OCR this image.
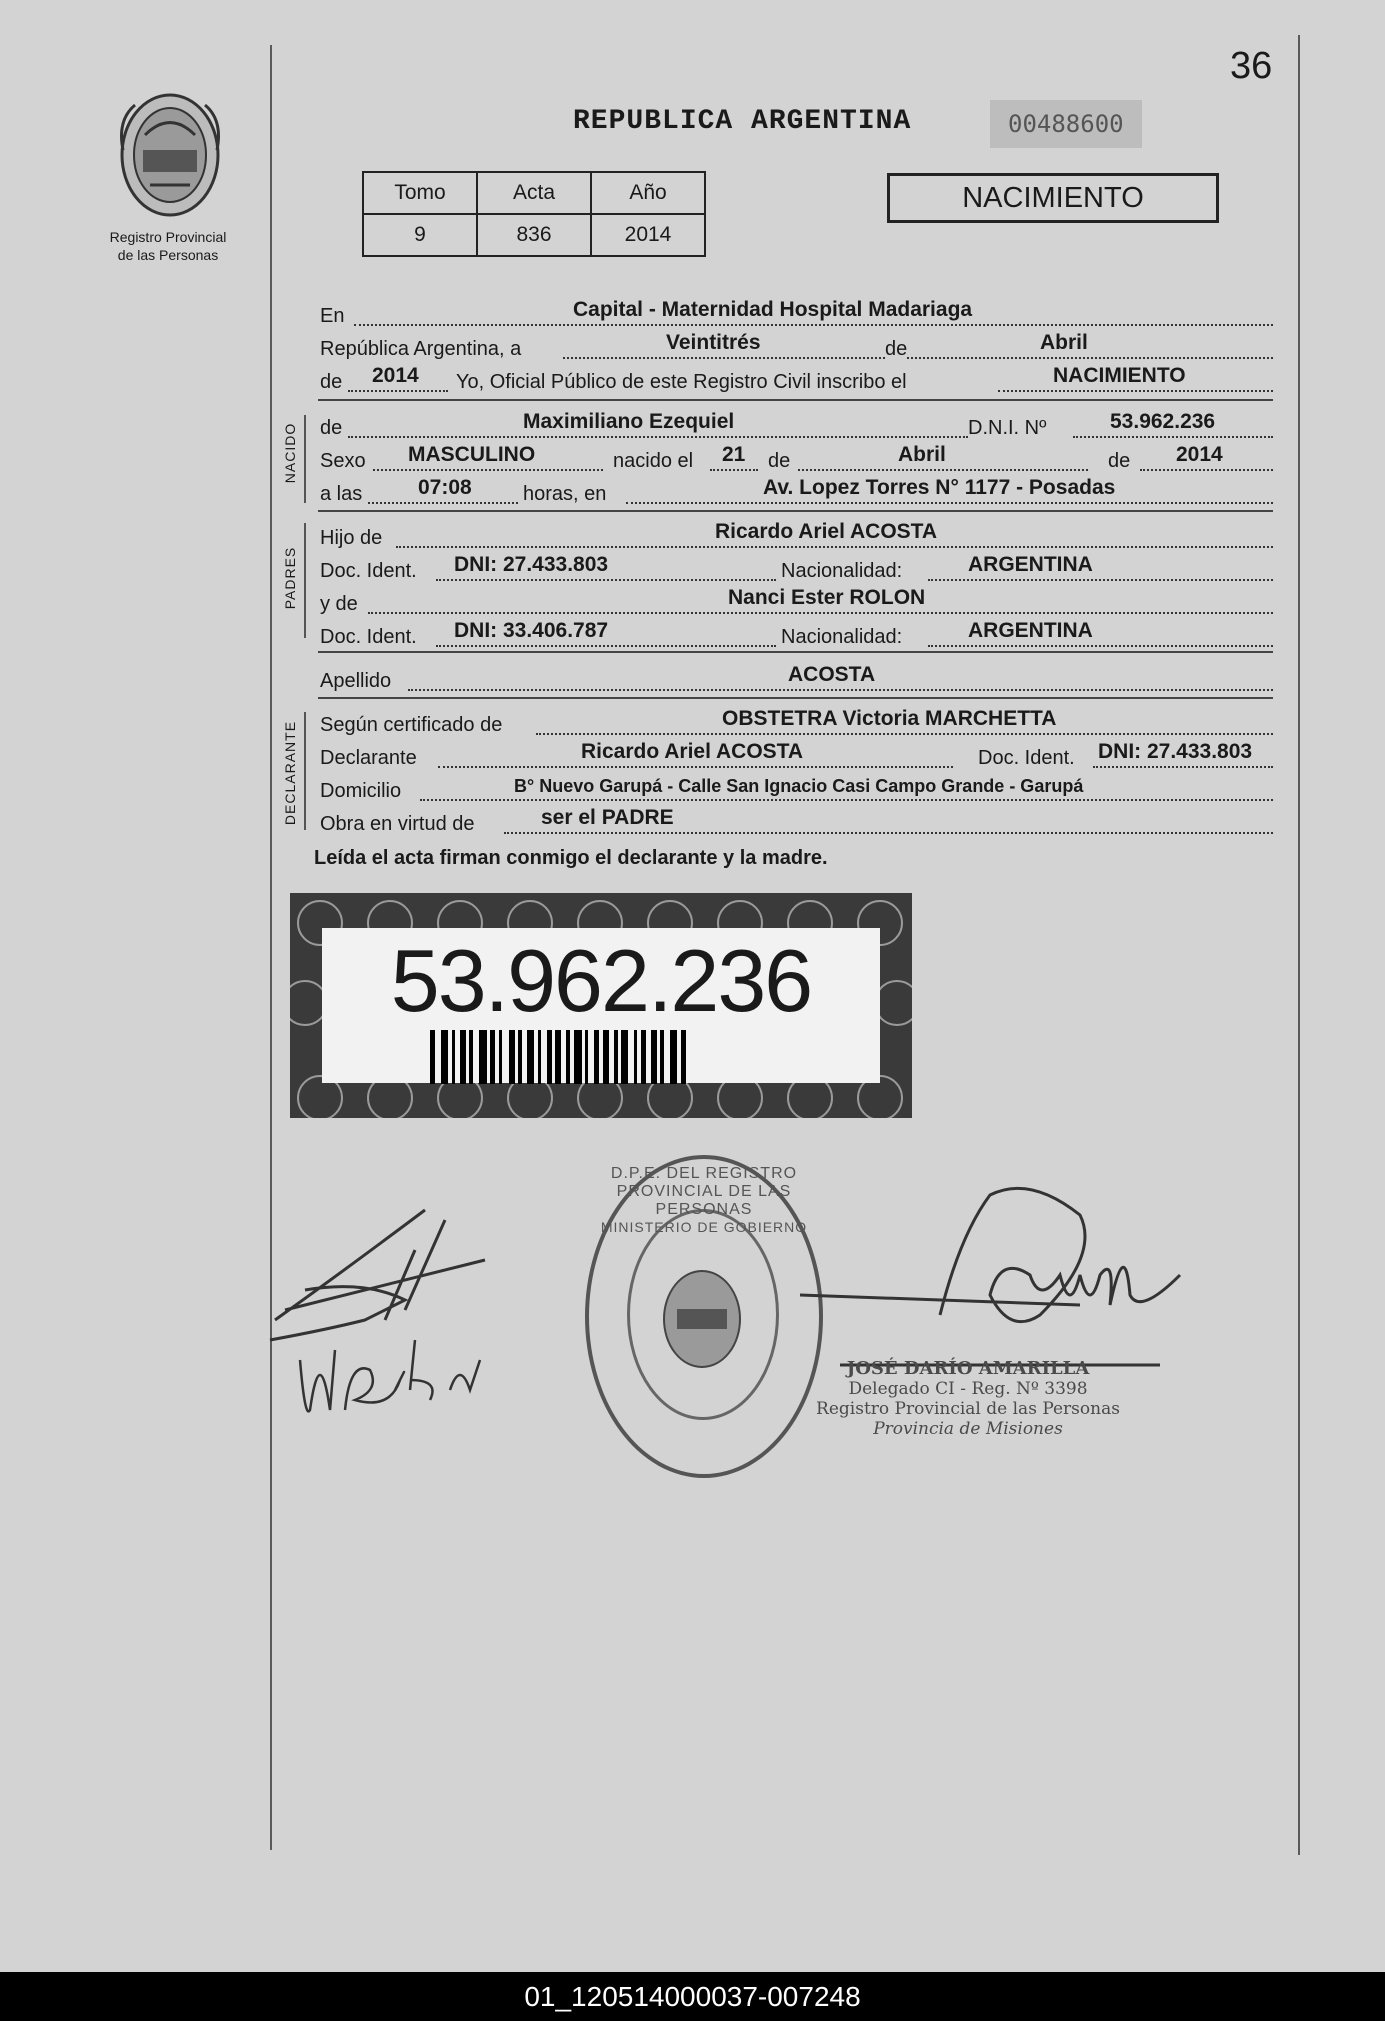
36
Registro Provincial
de las Personas
REPUBLICA ARGENTINA	00488600
Tomo	Acta	Año
9	836	2014
NACIMIENTO
En	Capital - Maternidad Hospital Madariaga
República Argentina, a	Veintitrés	de	Abril
de 2014 Yo, Oficial Público de este Registro Civil inscribo el	NACIMIENTO
NACIDO de	Maximiliano Ezequiel	D.N.I. Nº	53.962.236
Sexo MASCULINO	nacido el 21 de	Abril	de 2014
a las	07:08	horas, en	Av. Lopez Torres N° 1177 - Posadas
PADRES
Hijo de	Ricardo Ariel ACOSTA
Doc. Ident. DNI: 27.433.803	Nacionalidad:	ARGENTINA
y de	Nanci Ester ROLON
Doc. Ident. DNI: 33.406.787	Nacionalidad:	ARGENTINA
Apellido	ACOSTA
DECLARANTE Según certificado de	OBSTETRA Victoria MARCHETTA
Declarante	Ricardo Ariel ACOSTA	Doc. Ident. DNI: 27.433.803
Domicilio	B° Nuevo Garupá - Calle San Ignacio Casi Campo Grande - Garupá
Obra en virtud de	ser el PADRE
Leída el acta firman conmigo el declarante y la madre.
53.962.236
D.P.E. DEL REGISTRO PROVINCIAL DE LAS PERSONAS
MINISTERIO DE GOBIERNO
JOSÉ DARÍO AMARILLA
Delegado CI - Reg. Nº 3398
Registro Provincial de las Personas
Provincia de Misiones
01_120514000037-007248
